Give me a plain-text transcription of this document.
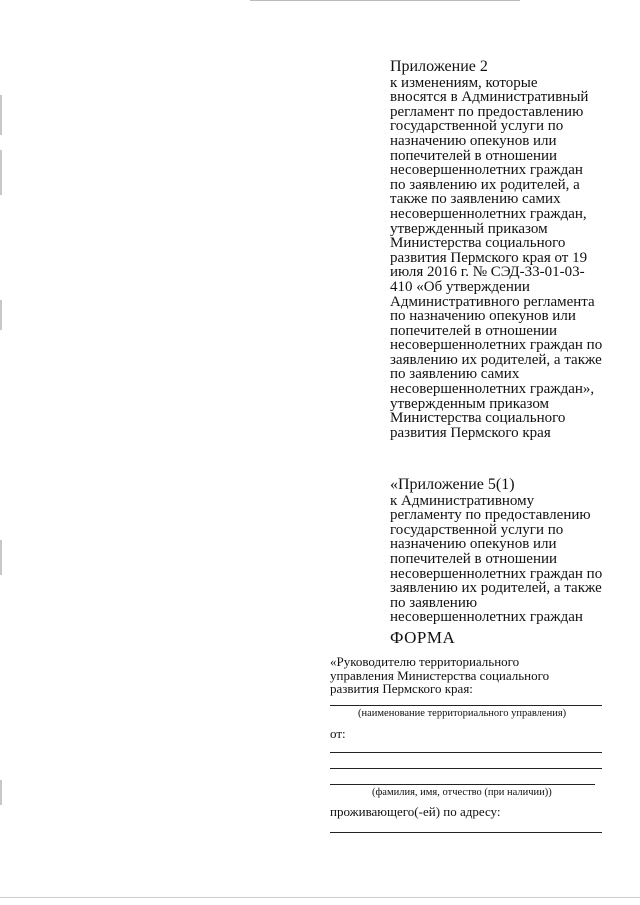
Приложение 2
к изменениям, которые
вносятся в Административный
регламент по предоставлению
государственной услуги по
назначению опекунов или
попечителей в отношении
несовершеннолетних граждан
по заявлению их родителей, а
также по заявлению самих
несовершеннолетних граждан,
утвержденный приказом
Министерства социального
развития Пермского края от 19
июля 2016 г. № СЭД-33-01-03-
410 «Об утверждении
Административного регламента
по назначению опекунов или
попечителей в отношении
несовершеннолетних граждан по
заявлению их родителей, а также
по заявлению самих
несовершеннолетних граждан»,
утвержденным приказом
Министерства социального
развития Пермского края
«Приложение 5(1)
к Административному
регламенту по предоставлению
государственной услуги по
назначению опекунов или
попечителей в отношении
несовершеннолетних граждан по
заявлению их родителей, а также
по заявлению
несовершеннолетних граждан
ФОРМА
«Руководителю территориального
управления Министерства социального
развития Пермского края:
(наименование территориального управления)
от:
(фамилия, имя, отчество (при наличии))
проживающего(-ей) по адресу:
